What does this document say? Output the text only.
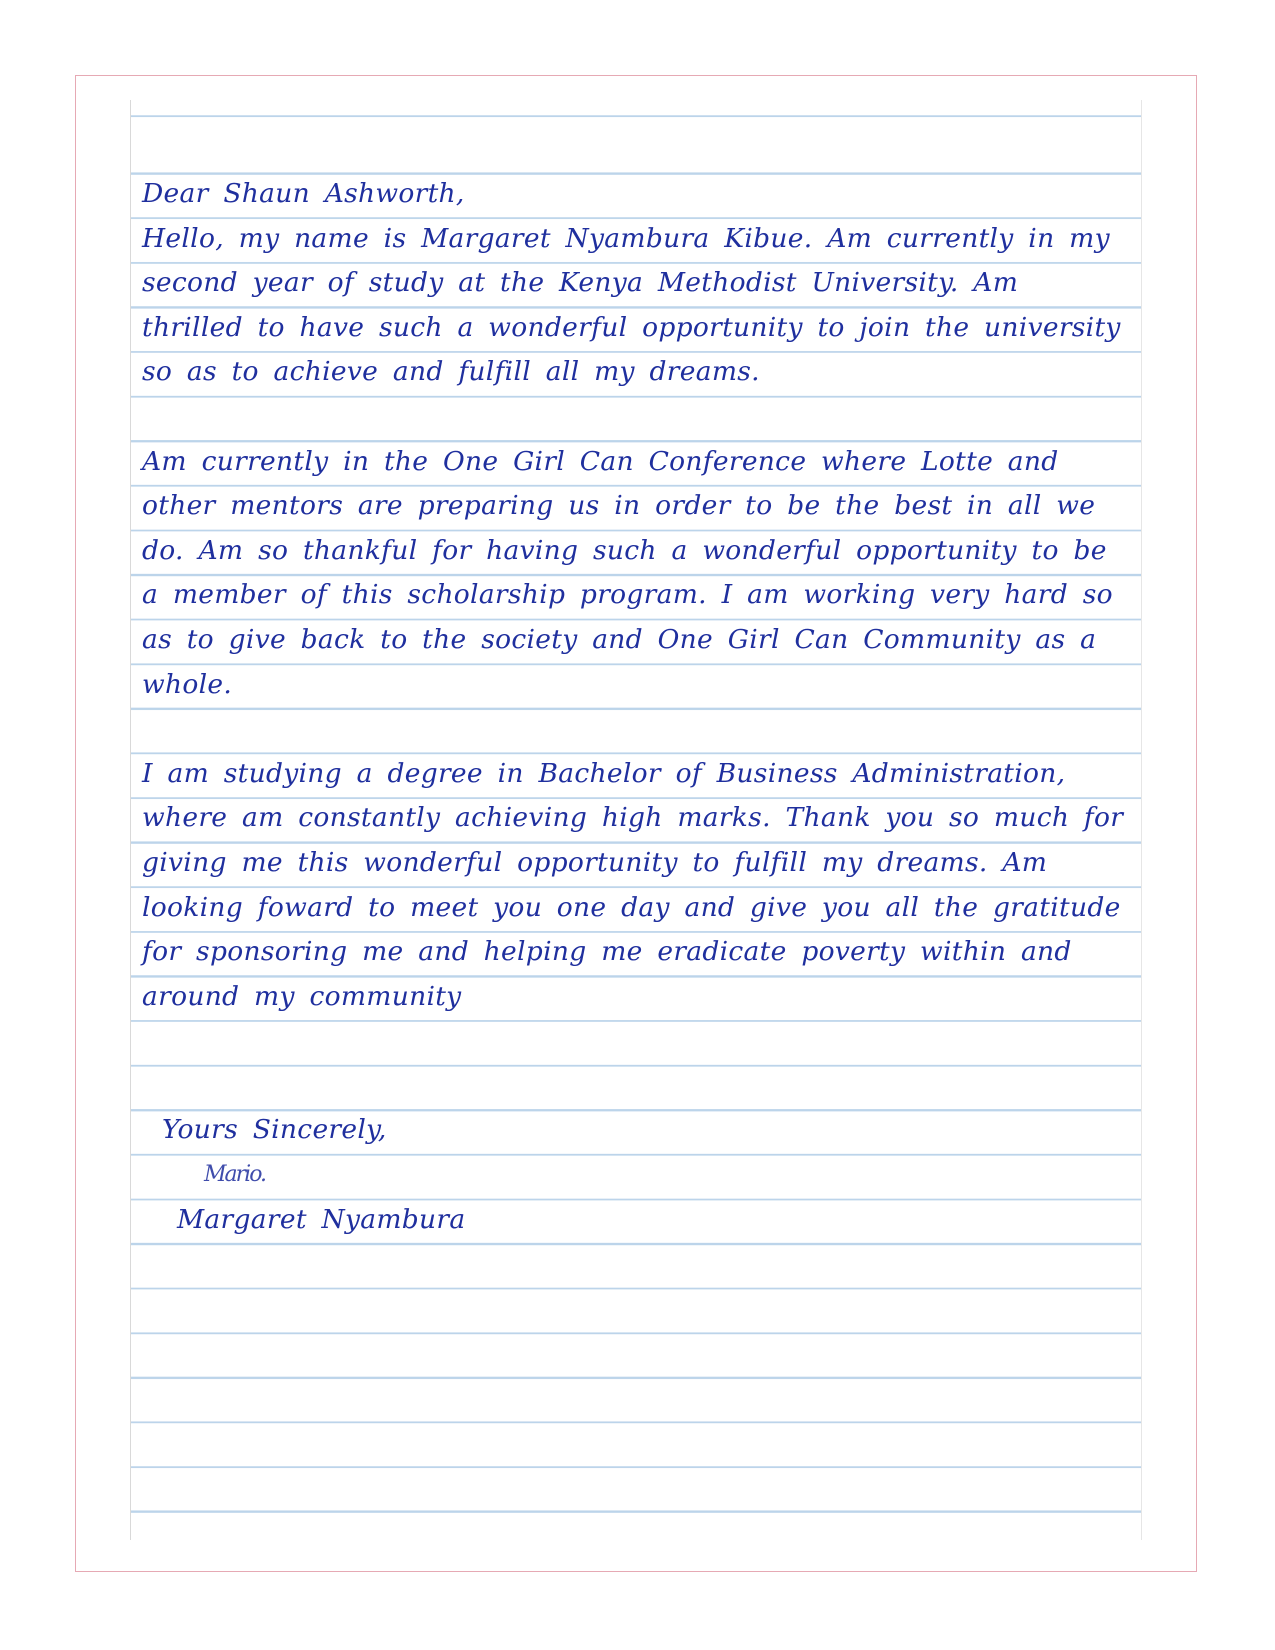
Dear Shaun Ashworth,

Hello, my name is Margaret Nyambura Kibue. Am currently in my second year of study at the Kenya Methodist University. Am thrilled to have such a wonderful opportunity to join the university so as to achieve and fulfill all my dreams.

Am currently in the One Girl Can Conference where Lotte and other mentors are preparing us in order to be the best in all we do. Am so thankful for having such a wonderful opportunity to be a member of this scholarship program. I am working very hard so as to give back to the society and One Girl Can Community as a whole.

I am studying a degree in Bachelor of Business Administration, where am constantly achieving high marks. Thank you so much for giving me this wonderful opportunity to fulfill my dreams. Am looking foward to meet you one day and give you all the gratitude for sponsoring me and helping me eradicate poverty within and around my community

Yours Sincerely,
Mario.
Margaret Nyambura
